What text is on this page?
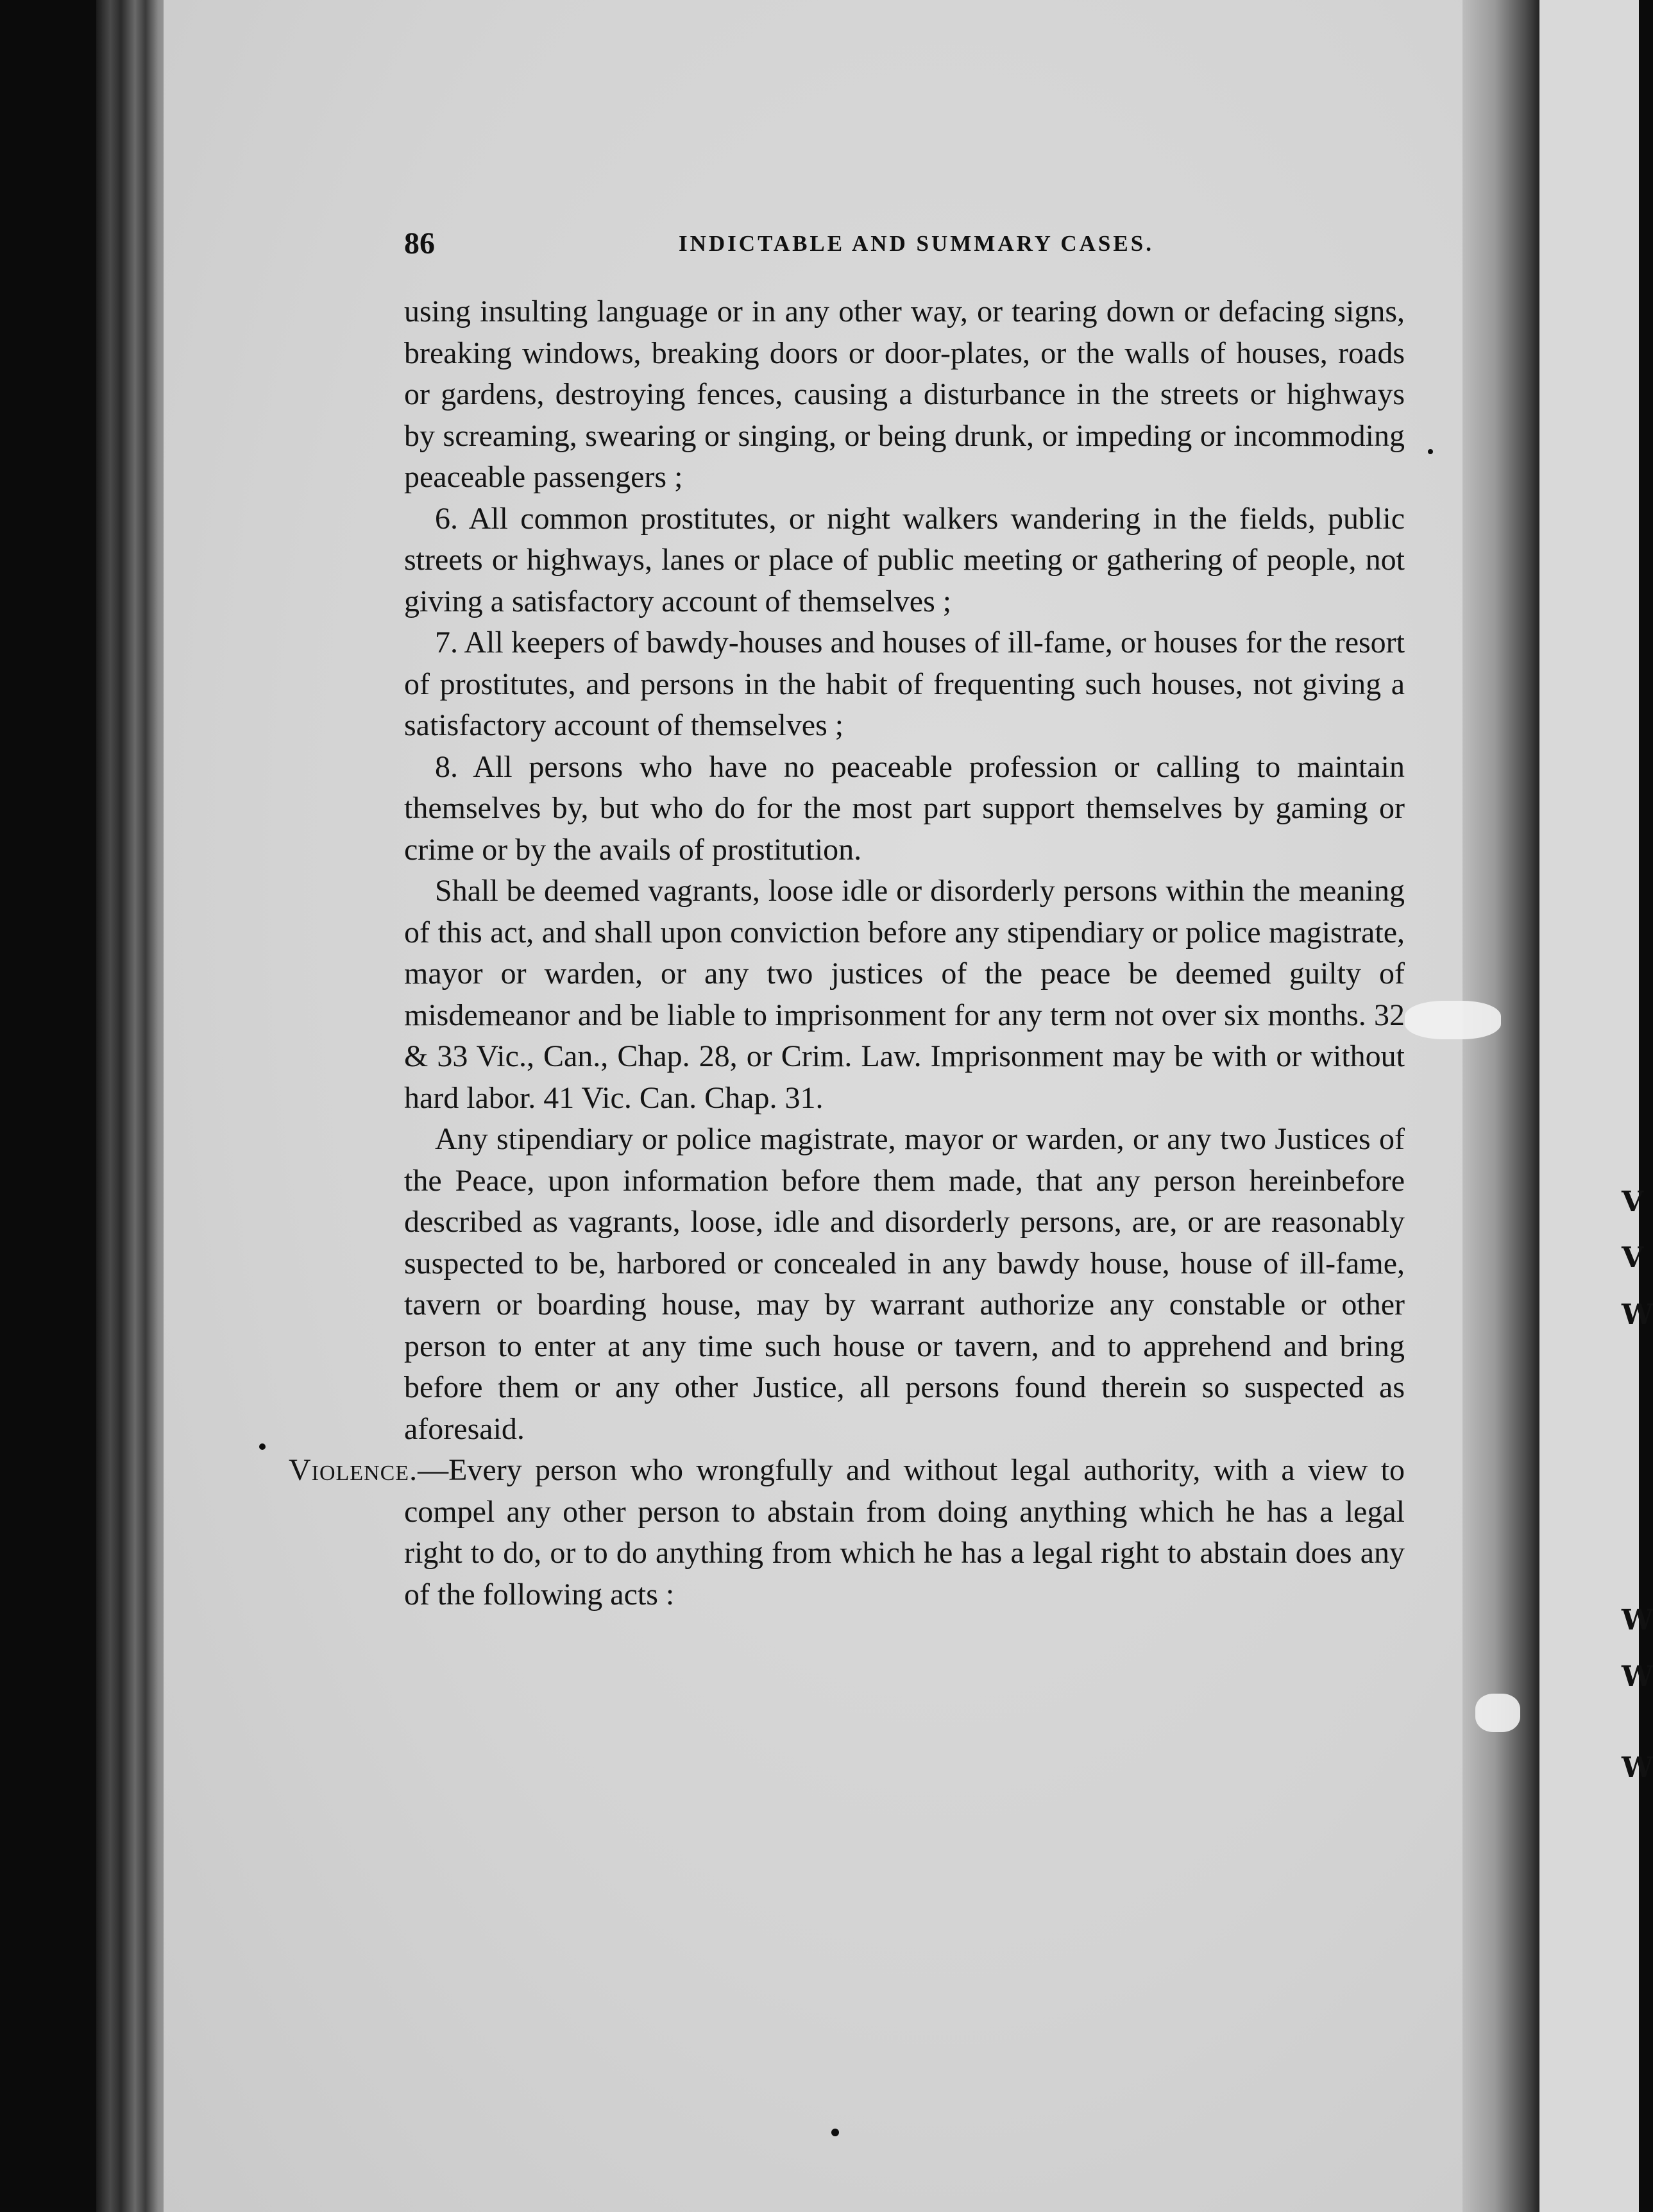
V
V
W
W
W
W
86	INDICTABLE AND SUMMARY CASES.

using insulting language or in any other way, or tearing down or defacing signs, breaking windows, breaking doors or door-plates, or the walls of houses, roads or gardens, destroying fences, causing a disturbance in the streets or highways by screaming, swearing or singing, or being drunk, or impeding or incommoding peaceable passengers ;

6. All common prostitutes, or night walkers wandering in the fields, public streets or highways, lanes or place of public meeting or gathering of people, not giving a satisfactory account of themselves ;

7. All keepers of bawdy-houses and houses of ill-fame, or houses for the resort of prostitutes, and persons in the habit of frequenting such houses, not giving a satisfactory account of themselves ;

8. All persons who have no peaceable profession or calling to maintain themselves by, but who do for the most part support themselves by gaming or crime or by the avails of prostitution.

Shall be deemed vagrants, loose idle or disorderly persons within the meaning of this act, and shall upon conviction before any stipendiary or police magistrate, mayor or warden, or any two justices of the peace be deemed guilty of misdemeanor and be liable to imprisonment for any term not over six months. 32 & 33 Vic., Can., Chap. 28, or Crim. Law. Imprisonment may be with or without hard labor. 41 Vic. Can. Chap. 31.

Any stipendiary or police magistrate, mayor or warden, or any two Justices of the Peace, upon information before them made, that any person hereinbefore described as vagrants, loose, idle and disorderly persons, are, or are reasonably suspected to be, harbored or concealed in any bawdy house, house of ill-fame, tavern or boarding house, may by warrant authorize any constable or other person to enter at any time such house or tavern, and to apprehend and bring before them or any other Justice, all persons found therein so suspected as aforesaid.

Violence.—Every person who wrongfully and without legal authority, with a view to compel any other person to abstain from doing anything which he has a legal right to do, or to do anything from which he has a legal right to abstain does any of the following acts :
